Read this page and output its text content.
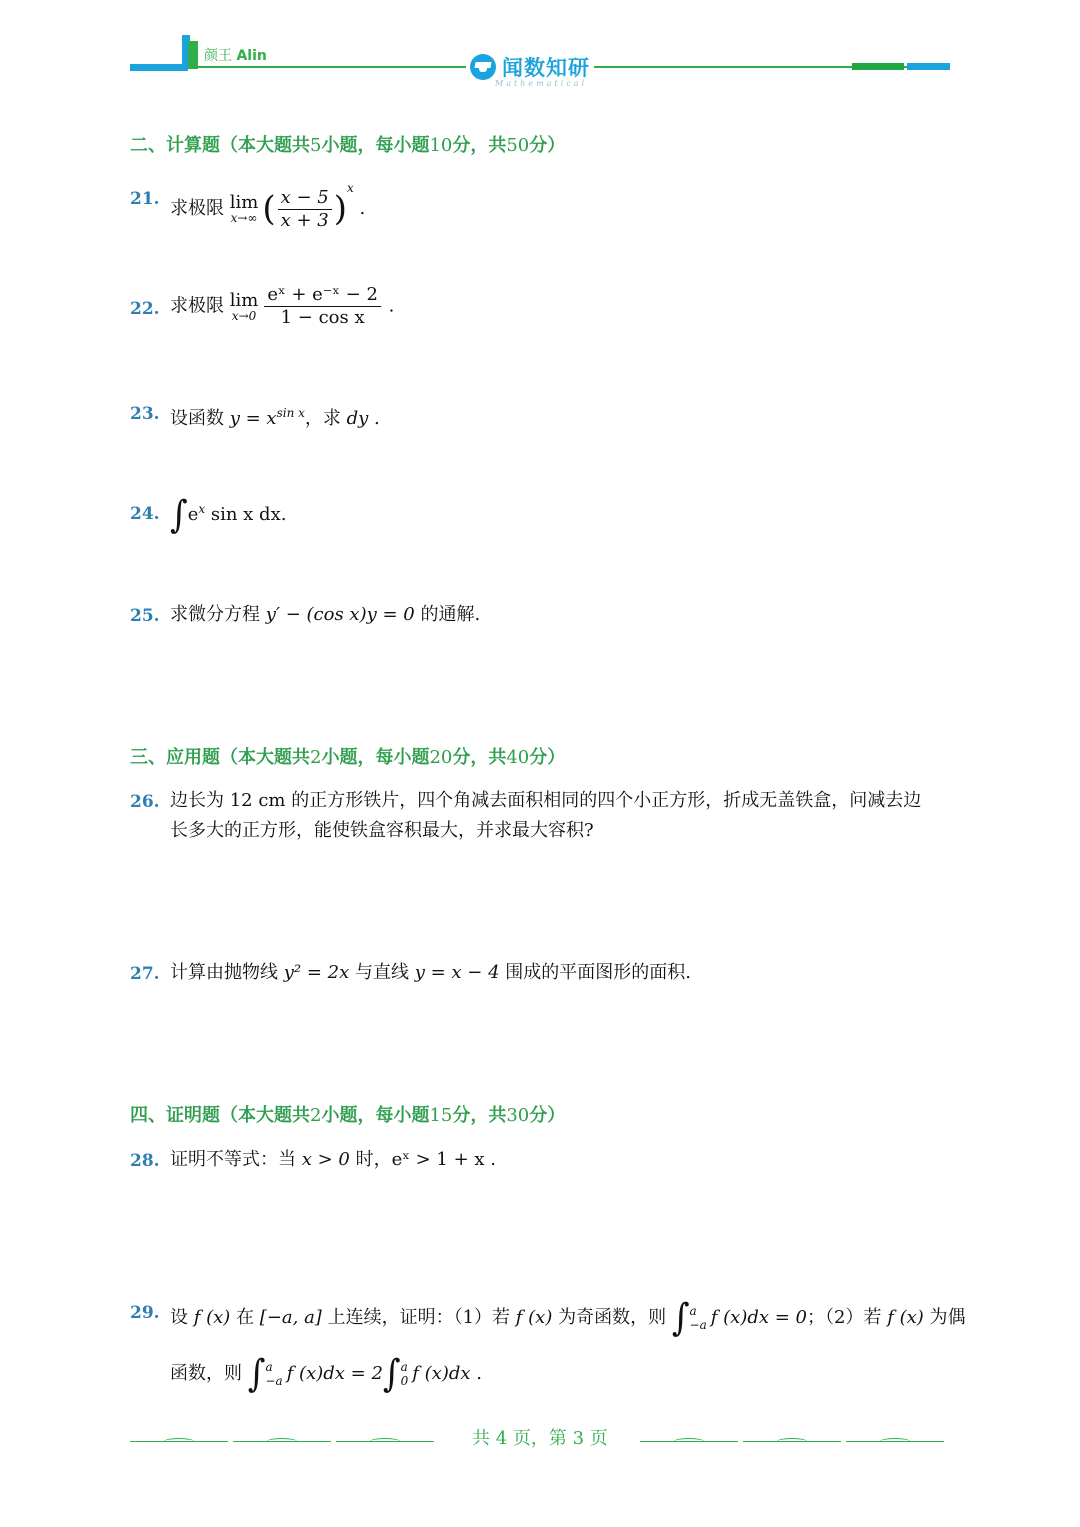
颜王 Alin	闻数知研
Mathematical
二、计算题（本大题共5小题，每小题10分，共50分）
21. 求极限 lim
x→∞ ( $\frac{x - 5}{x + 3} )^x$ .
22. 求极限 lim
$x\to 0 \frac{\text{eˣ + e⁻ˣ − 2}}{\text{1 − cos x}}$ .
23. 设函数 $y = x^{sin x}$，求 dy .
24. $\int e^x$ sin x dx.
25. 求微分方程 y′ − (cos x)y = 0 的通解.
三、应用题（本大题共2小题，每小题20分，共40分）
26. 边长为 12 cm 的正方形铁片，四个角减去面积相同的四个小正方形，折成无盖铁盒，问减去边
长多大的正方形，能使铁盒容积最大，并求最大容积?
27. 计算由抛物线 y² = 2x 与直线 y = x − 4 围成的平面图形的面积.
四、证明题（本大题共2小题，每小题15分，共30分）
28. 证明不等式：当 x > 0 时，eˣ > 1 + x .
29. 设 f (x) 在 [−a, a] 上连续，证明：（1）若 f (x) 为奇函数，则 ∫ a
−a f (x)dx = 0；（2）若 f (x) 为偶
函数，则 ∫ a
−a f (x)dx = 2∫ a
0 f (x)dx .
共 4 页，第 3 页
